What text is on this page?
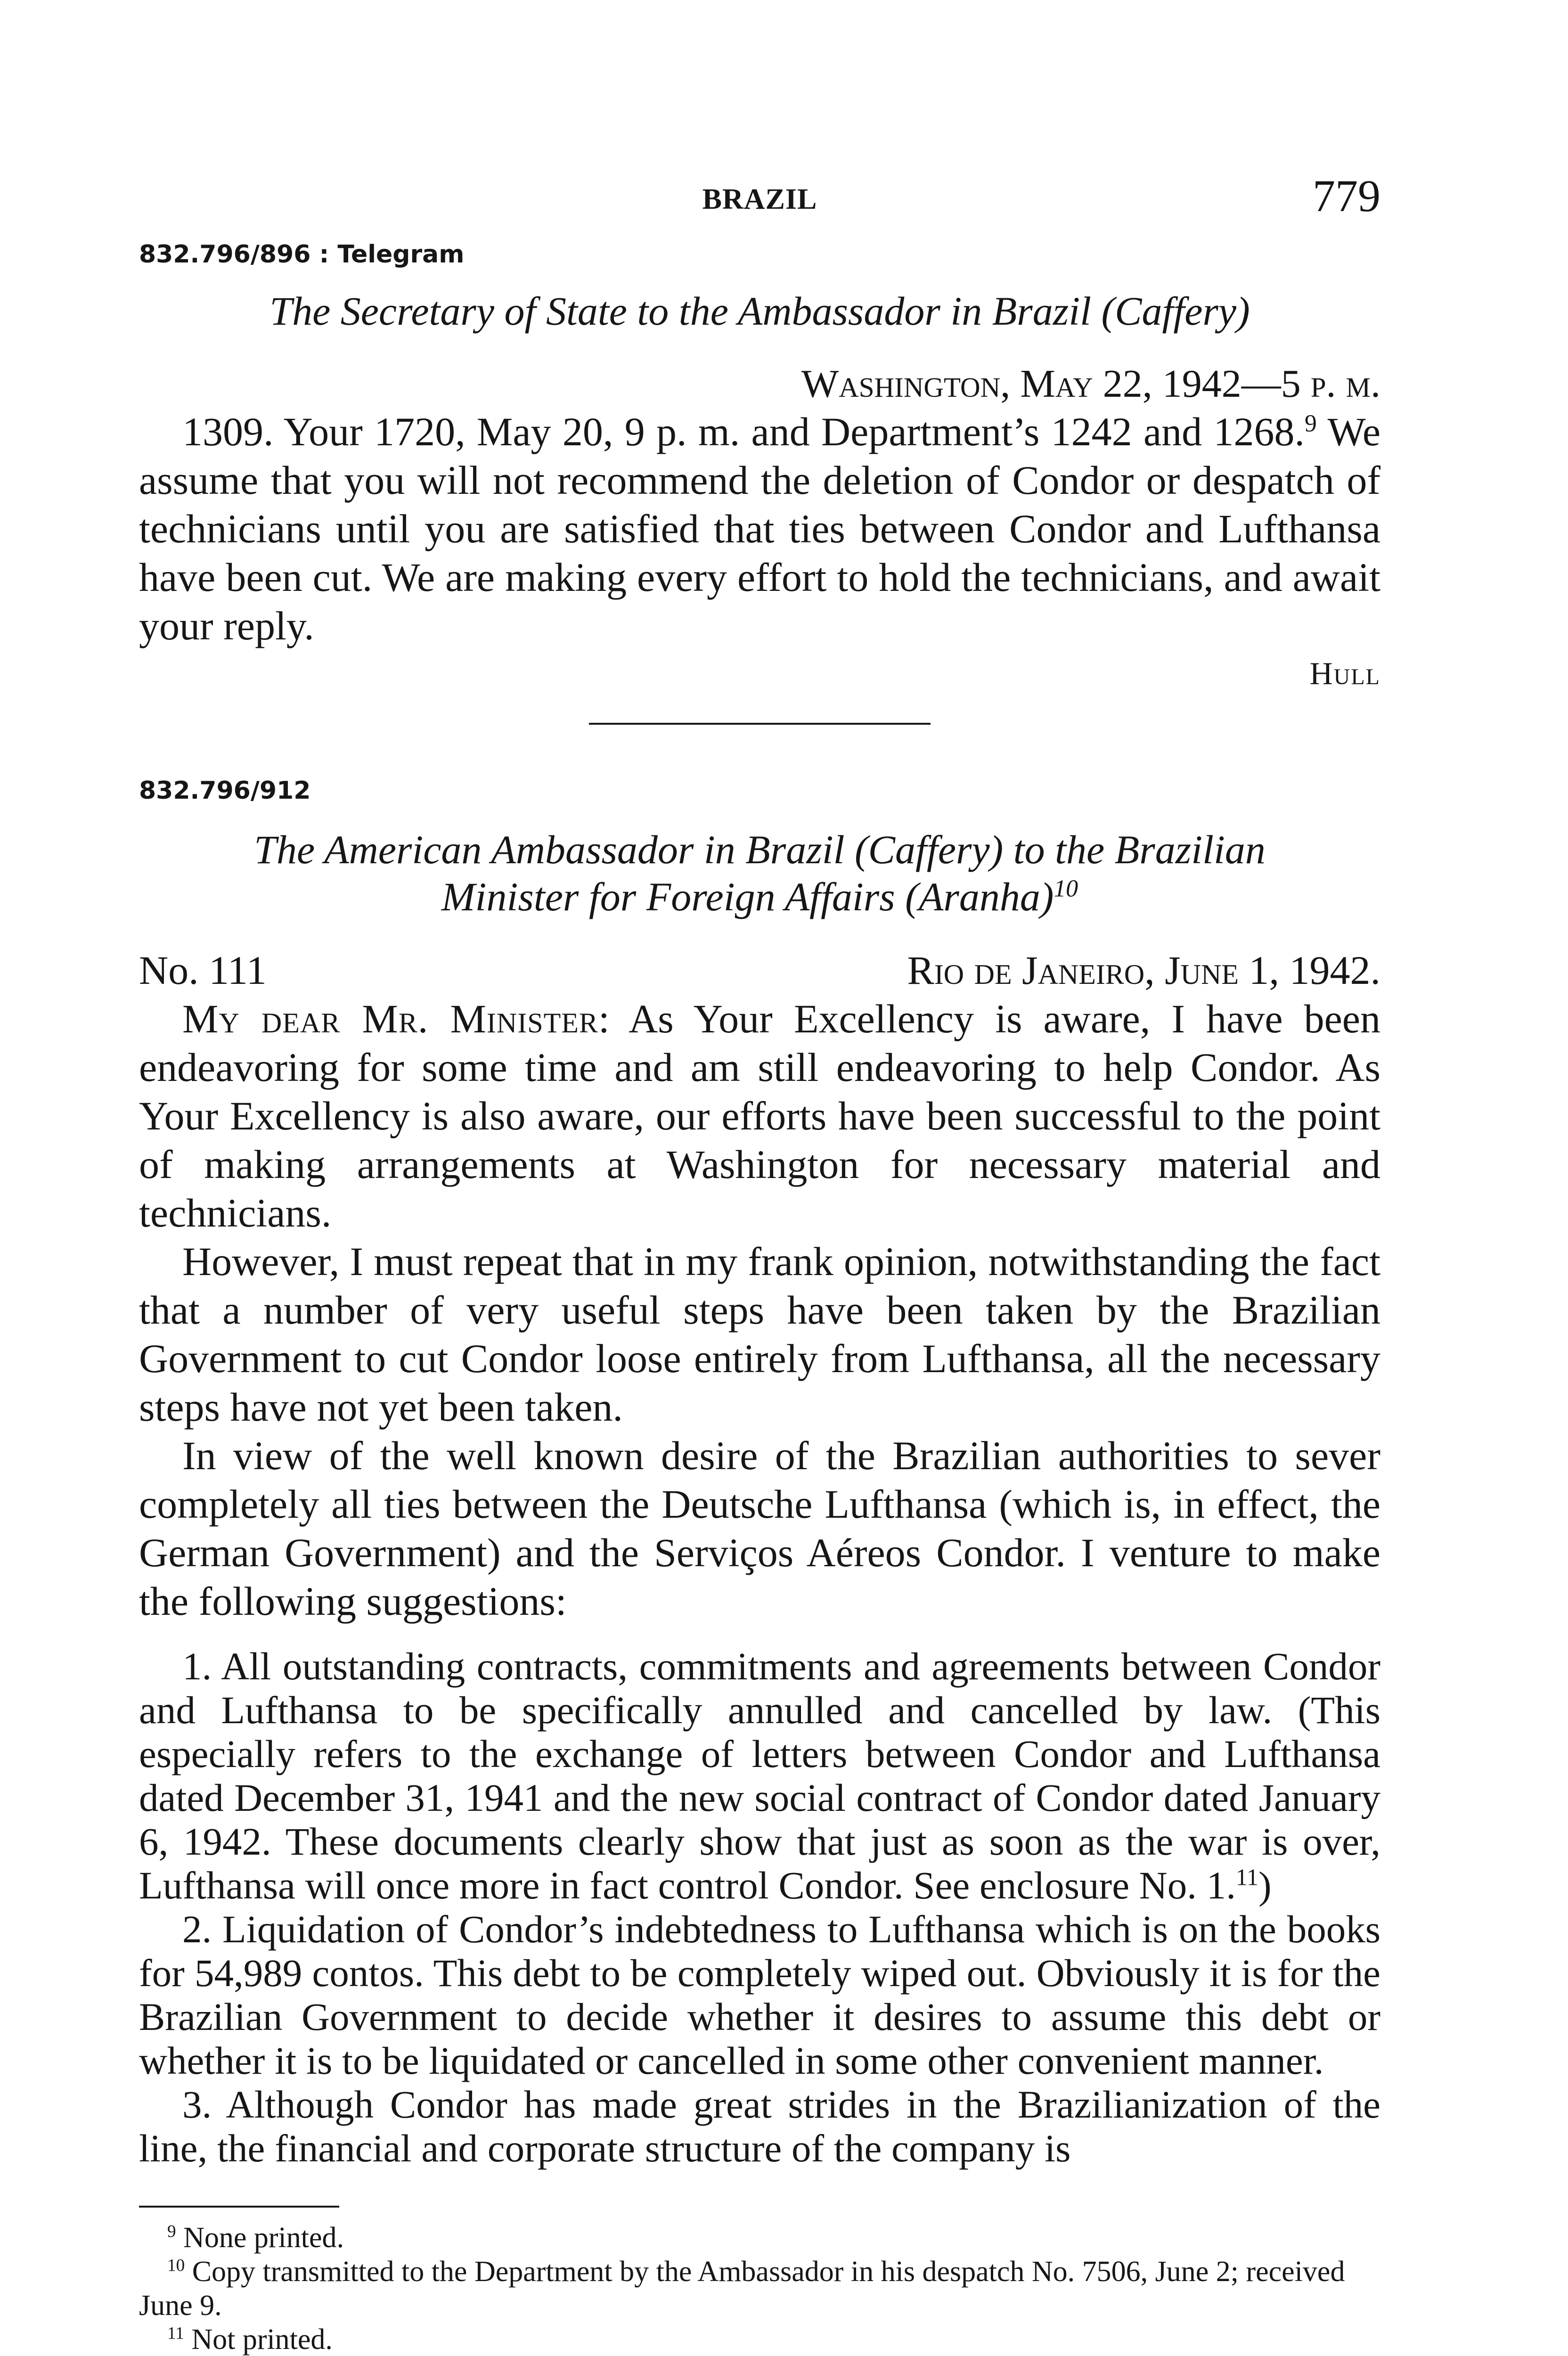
BRAZIL	779
832.796/896 : Telegram
The Secretary of State to the Ambassador in Brazil (Caffery)
Washington, May 22, 1942—5 p. m.

1309. Your 1720, May 20, 9 p. m. and Department’s 1242 and 1268.$^9$ We assume that you will not recommend the deletion of Condor or despatch of technicians until you are satisfied that ties between Condor and Lufthansa have been cut. We are making every effort to hold the technicians, and await your reply.

Hull
832.796/912
The American Ambassador in Brazil (Caffery) to the Brazilian
Minister for Foreign Affairs (Aranha)$^{10}$
No. 111	Rio de Janeiro, June 1, 1942.

My dear Mr. Minister: As Your Excellency is aware, I have been endeavoring for some time and am still endeavoring to help Condor. As Your Excellency is also aware, our efforts have been successful to the point of making arrangements at Washington for necessary material and technicians.

However, I must repeat that in my frank opinion, notwithstanding the fact that a number of very useful steps have been taken by the Brazilian Government to cut Condor loose entirely from Lufthansa, all the necessary steps have not yet been taken.

In view of the well known desire of the Brazilian authorities to sever completely all ties between the Deutsche Lufthansa (which is, in effect, the German Government) and the Serviços Aéreos Condor. I venture to make the following suggestions:

1. All outstanding contracts, commitments and agreements between Condor and Lufthansa to be specifically annulled and cancelled by law. (This especially refers to the exchange of letters between Condor and Lufthansa dated December 31, 1941 and the new social contract of Condor dated January 6, 1942. These documents clearly show that just as soon as the war is over, Lufthansa will once more in fact control Condor. See enclosure No. 1.11)

2. Liquidation of Condor’s indebtedness to Lufthansa which is on the books for 54,989 contos. This debt to be completely wiped out. Obviously it is for the Brazilian Government to decide whether it desires to assume this debt or whether it is to be liquidated or cancelled in some other convenient manner.

3. Although Condor has made great strides in the Brazilianization of the line, the financial and corporate structure of the company is

$^9$ None printed.

$^{10}$ Copy transmitted to the Department by the Ambassador in his despatch No. 7506, June 2; received June 9.

$^{11}$ Not printed.
